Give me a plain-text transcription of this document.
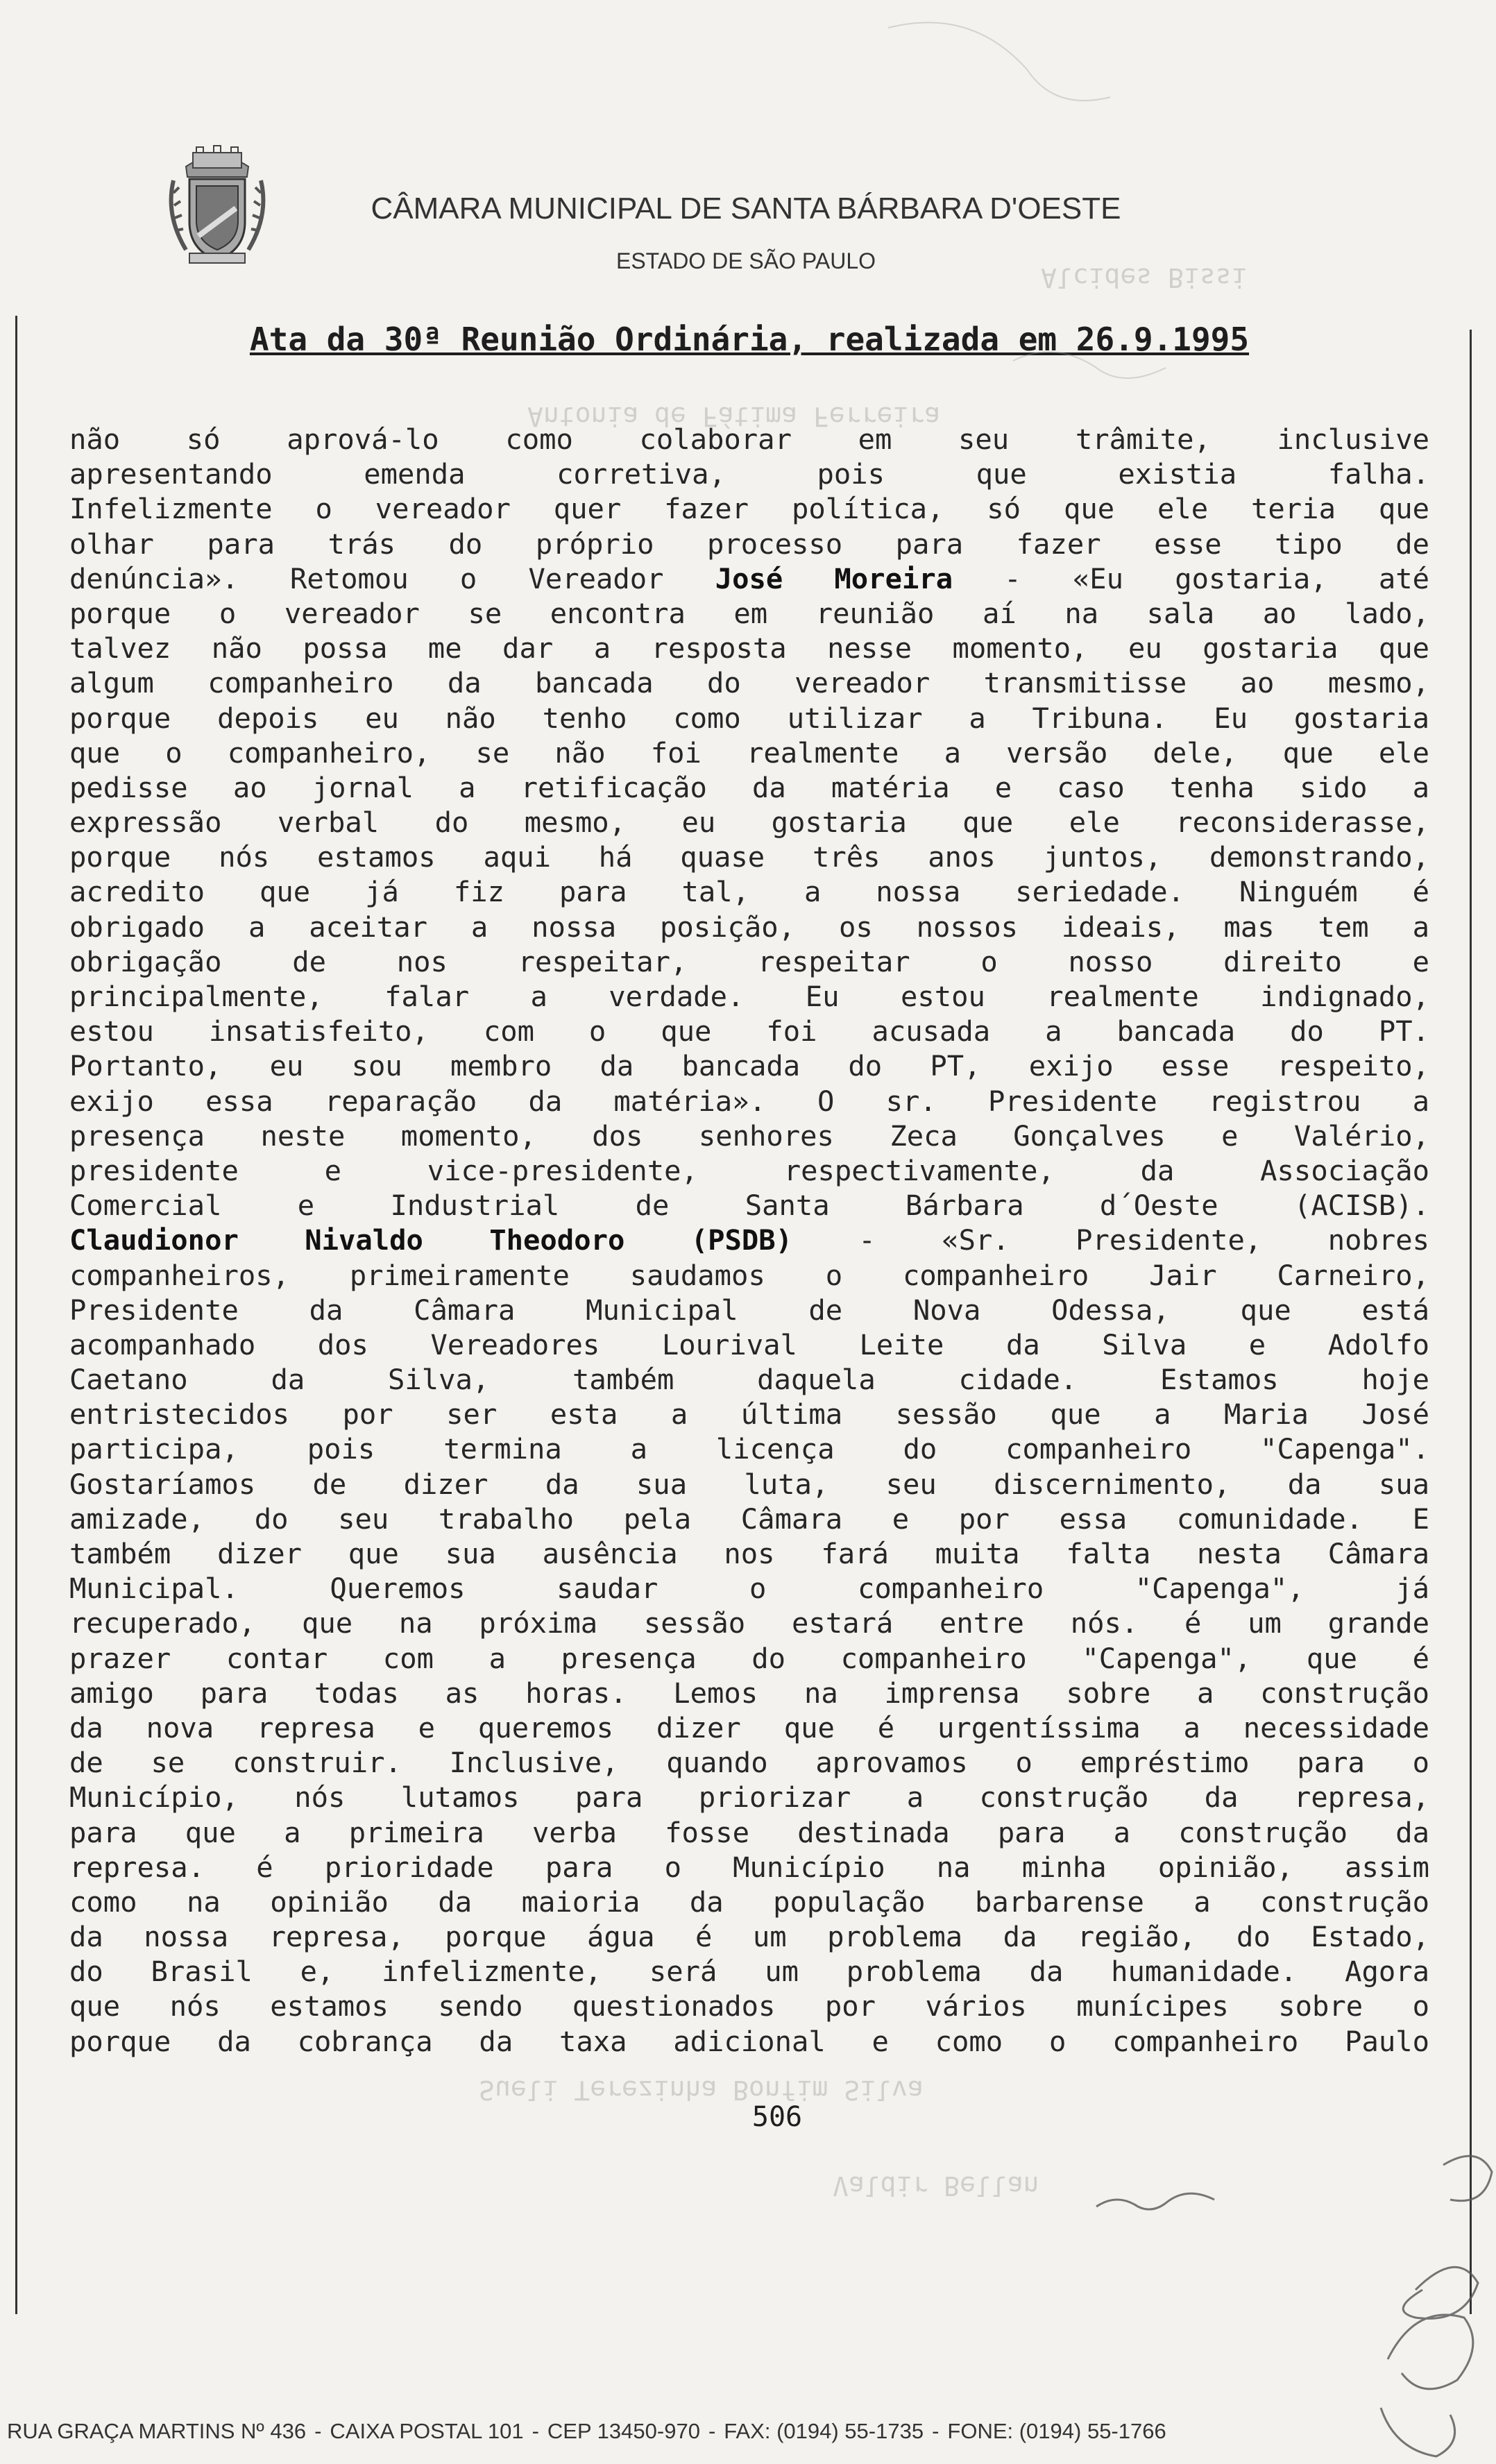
Alcides Bissi
Antonia de Fátima Ferreira
Sueli Terezinha Bonfim Silva
Valdir Bellan
CÂMARA MUNICIPAL DE SANTA BÁRBARA D'OESTE
ESTADO DE SÃO PAULO
Ata da 30ª Reunião Ordinária, realizada em 26.9.1995
não só aprová-lo como colaborar em seu trâmite, inclusive
apresentando emenda corretiva, pois que existia falha.
Infelizmente o vereador quer fazer política, só que ele teria que
olhar para trás do próprio processo para fazer esse tipo de
denúncia». Retomou o Vereador José Moreira - «Eu gostaria, até
porque o vereador se encontra em reunião aí na sala ao lado,
talvez não possa me dar a resposta nesse momento, eu gostaria que
algum companheiro da bancada do vereador transmitisse ao mesmo,
porque depois eu não tenho como utilizar a Tribuna. Eu gostaria
que o companheiro, se não foi realmente a versão dele, que ele
pedisse ao jornal a retificação da matéria e caso tenha sido a
expressão verbal do mesmo, eu gostaria que ele reconsiderasse,
porque nós estamos aqui há quase três anos juntos, demonstrando,
acredito que já fiz para tal, a nossa seriedade. Ninguém é
obrigado a aceitar a nossa posição, os nossos ideais, mas tem a
obrigação de nos respeitar, respeitar o nosso direito e
principalmente, falar a verdade. Eu estou realmente indignado,
estou insatisfeito, com o que foi acusada a bancada do PT.
Portanto, eu sou membro da bancada do PT, exijo esse respeito,
exijo essa reparação da matéria». O sr. Presidente registrou a
presença neste momento, dos senhores Zeca Gonçalves e Valério,
presidente e vice-presidente, respectivamente, da Associação
Comercial e Industrial de Santa Bárbara d´Oeste (ACISB).
Claudionor Nivaldo Theodoro (PSDB) - «Sr. Presidente, nobres
companheiros, primeiramente saudamos o companheiro Jair Carneiro,
Presidente da Câmara Municipal de Nova Odessa, que está
acompanhado dos Vereadores Lourival Leite da Silva e Adolfo
Caetano da Silva, também daquela cidade. Estamos hoje
entristecidos por ser esta a última sessão que a Maria José
participa, pois termina a licença do companheiro "Capenga".
Gostaríamos de dizer da sua luta, seu discernimento, da sua
amizade, do seu trabalho pela Câmara e por essa comunidade. E
também dizer que sua ausência nos fará muita falta nesta Câmara
Municipal. Queremos saudar o companheiro "Capenga", já
recuperado, que na próxima sessão estará entre nós. é um grande
prazer contar com a presença do companheiro "Capenga", que é
amigo para todas as horas. Lemos na imprensa sobre a construção
da nova represa e queremos dizer que é urgentíssima a necessidade
de se construir. Inclusive, quando aprovamos o empréstimo para o
Município, nós lutamos para priorizar a construção da represa,
para que a primeira verba fosse destinada para a construção da
represa. é prioridade para o Município na minha opinião, assim
como na opinião da maioria da população barbarense a construção
da nossa represa, porque água é um problema da região, do Estado,
do Brasil e, infelizmente, será um problema da humanidade. Agora
que nós estamos sendo questionados por vários munícipes sobre o
porque da cobrança da taxa adicional e como o companheiro Paulo
506
RUA GRAÇA MARTINS Nº 436 - CAIXA POSTAL 101 - CEP 13450-970 - FAX: (0194) 55-1735 - FONE: (0194) 55-1766
